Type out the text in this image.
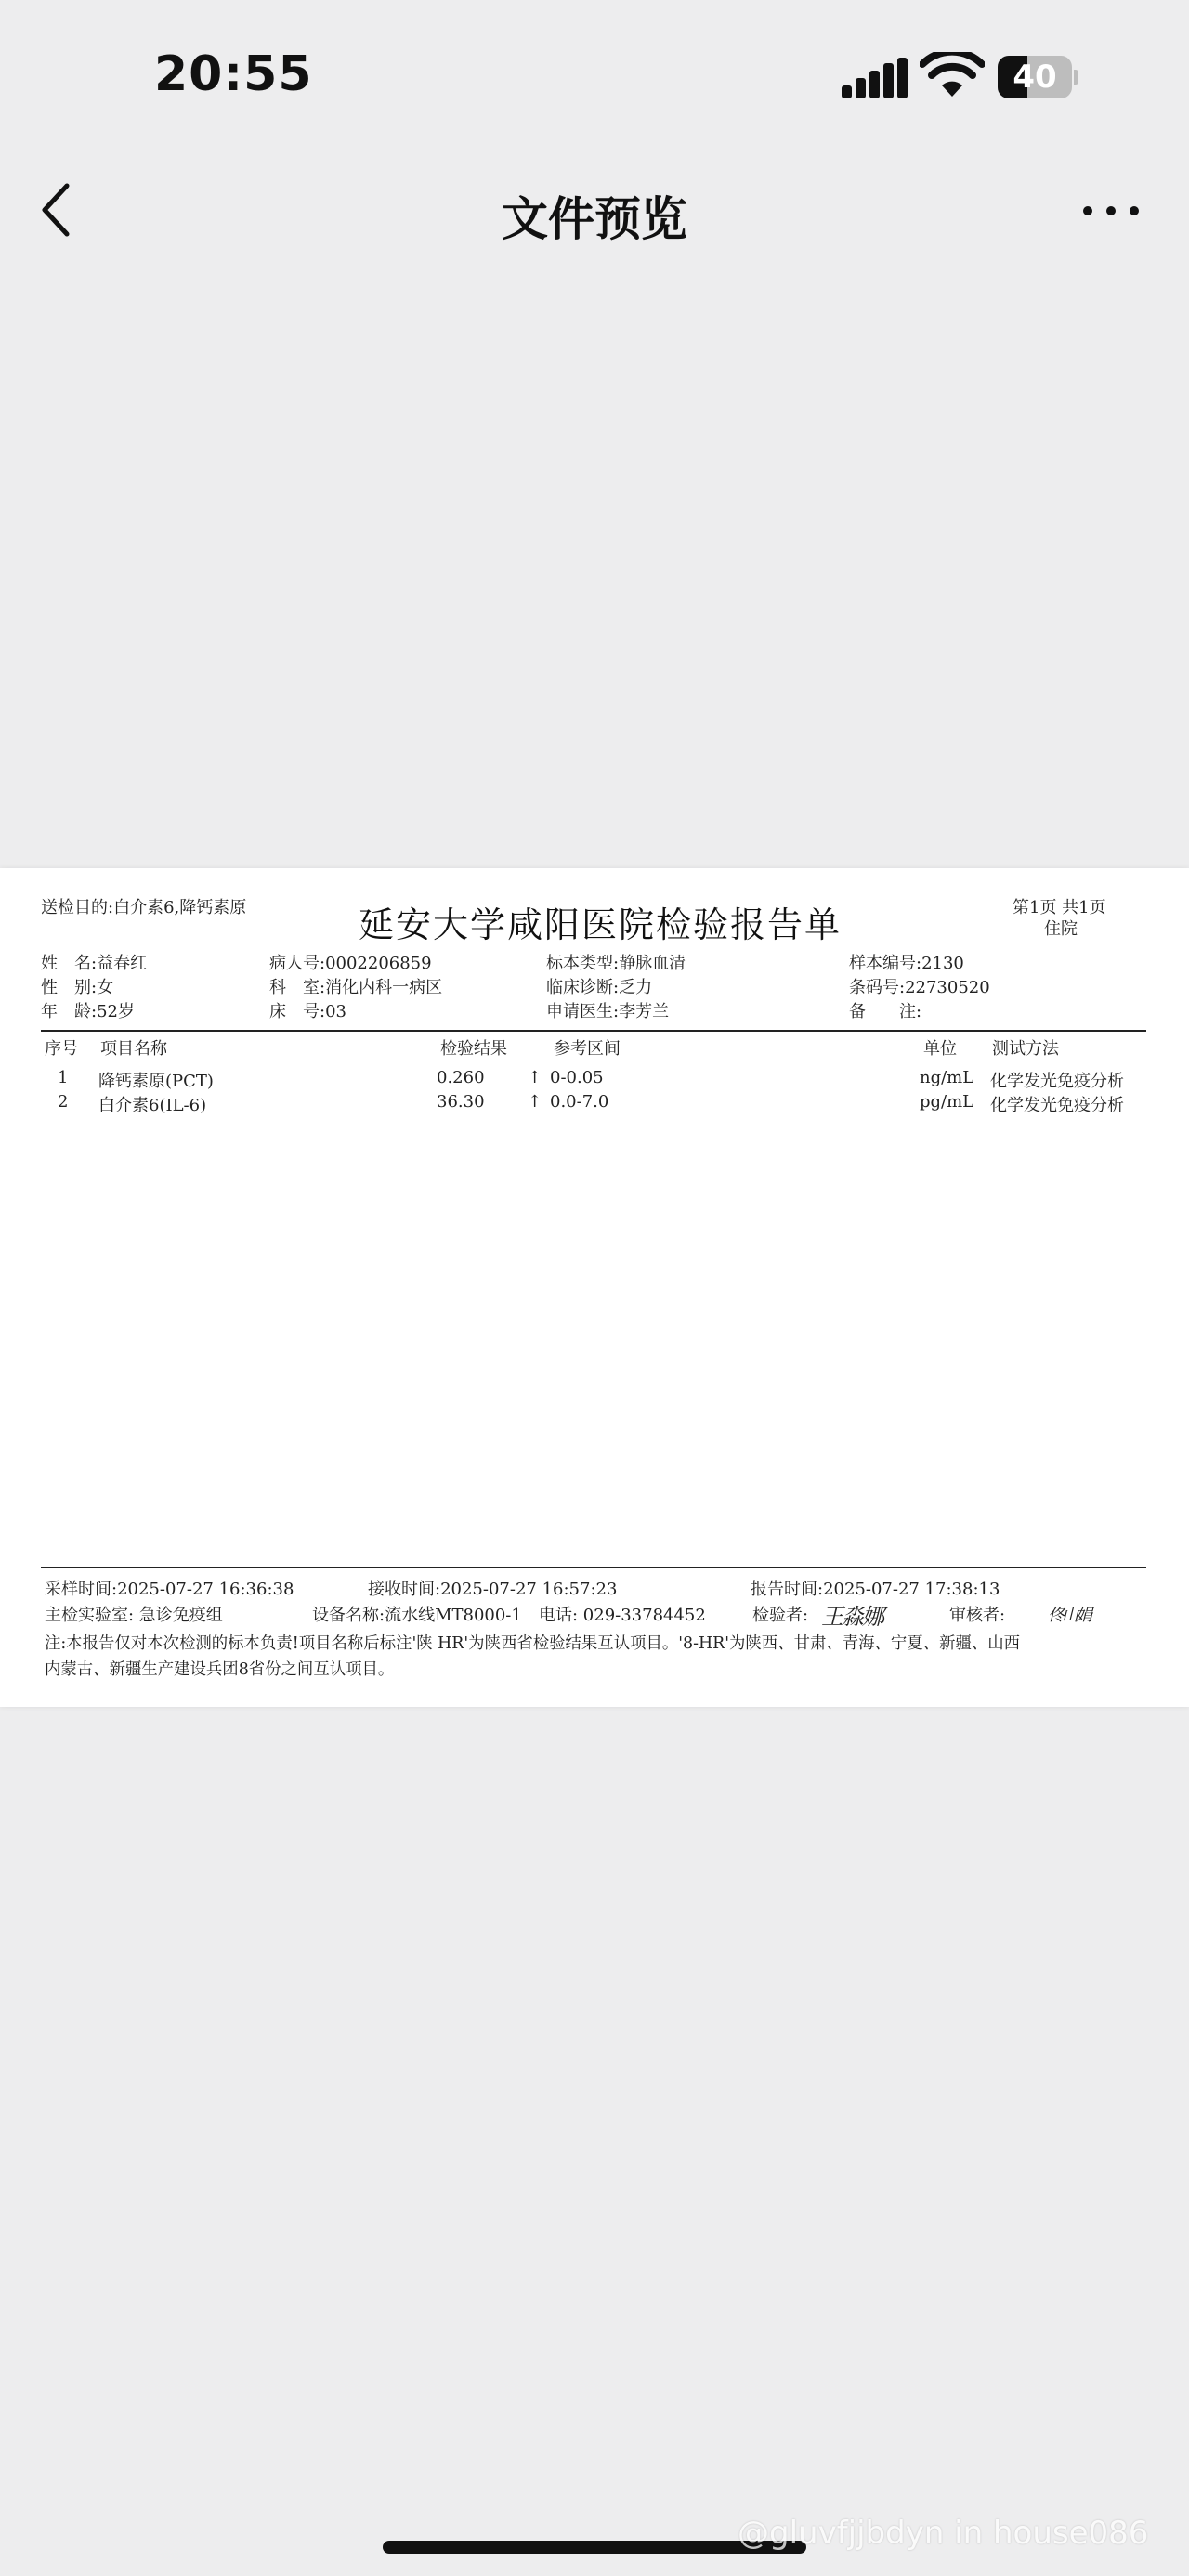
20:55	40
文件预览
送检目的:白介素6,降钙素原	延安大学咸阳医院检验报告单	第1页 共1页
住院
姓　名:益春红	病人号:0002206859	标本类型:静脉血清	样本编号:2130
性　别:女	科　室:消化内科一病区	临床诊断:乏力	条码号:22730520
年　龄:52岁	床　号:03	申请医生:李芳兰	备　　注:
序号 项目名称	检验结果	参考区间	单位 测试方法
1 降钙素原(PCT)	0.260	↑ 0-0.05	ng/mL 化学发光免疫分析
2 白介素6(IL-6)	36.30	↑ 0.0-7.0	pg/mL 化学发光免疫分析
采样时间:2025-07-27 16:36:38	接收时间:2025-07-27 16:57:23	报告时间:2025-07-27 17:38:13
主检实验室: 急诊免疫组	设备名称:流水线MT8000-1 电话: 029-33784452	检验者: 王淼娜	审核者:	佟山娟
注:本报告仅对本次检测的标本负责!项目名称后标注'陕 HR'为陕西省检验结果互认项目。'8-HR'为陕西、甘肃、青海、宁夏、新疆、山西
内蒙古、新疆生产建设兵团8省份之间互认项目。
@gluvfjjbdyn in house086
